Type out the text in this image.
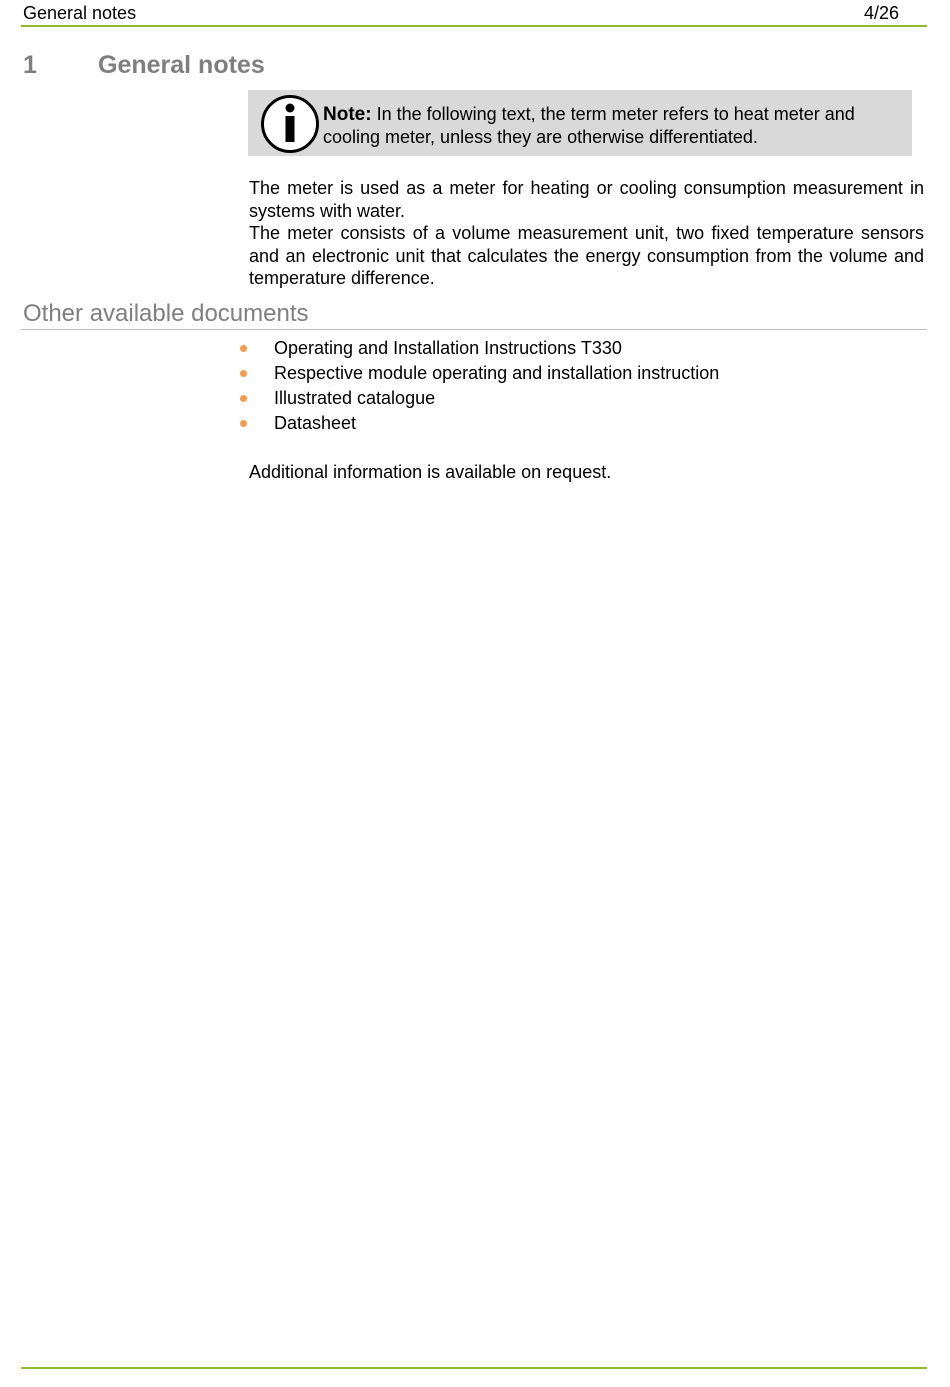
General notes	4/26
1 General notes
Note: In the following text, the term meter refers to heat meter and cooling meter, unless they are otherwise differentiated.

The meter is used as a meter for heating or cooling consumption measurement in systems with water.

The meter consists of a volume measurement unit, two fixed temperature sensors and an electronic unit that calculates the energy consumption from the volume and temperature difference.

Other available documents
Operating and Installation Instructions T330
Respective module operating and installation instruction
Illustrated catalogue
Datasheet
Additional information is available on request.
